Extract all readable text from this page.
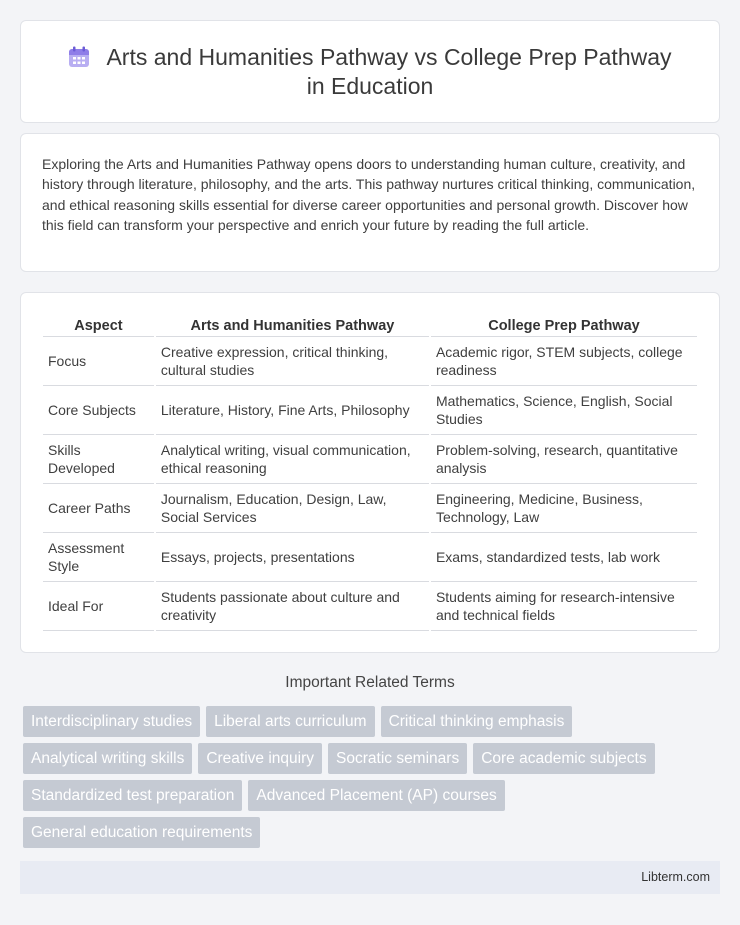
Arts and Humanities Pathway vs College Prep Pathway
in Education

Exploring the Arts and Humanities Pathway opens doors to understanding human culture, creativity, and history through literature, philosophy, and the arts. This pathway nurtures critical thinking, communication, and ethical reasoning skills essential for diverse career opportunities and personal growth. Discover how this field can transform your perspective and enrich your future by reading the full article.

Aspect	Arts and Humanities Pathway	College Prep Pathway
Focus	Creative expression, critical thinking, cultural studies	Academic rigor, STEM subjects, college readiness
Core Subjects	Literature, History, Fine Arts, Philosophy	Mathematics, Science, English, Social Studies
Skills Developed	Analytical writing, visual communication, ethical reasoning	Problem-solving, research, quantitative analysis
Career Paths	Journalism, Education, Design, Law, Social Services	Engineering, Medicine, Business, Technology, Law
Assessment Style	Essays, projects, presentations	Exams, standardized tests, lab work
Ideal For	Students passionate about culture and creativity	Students aiming for research-intensive and technical fields
Important Related Terms
Interdisciplinary studies	Liberal arts curriculum	Critical thinking emphasis
Analytical writing skills	Creative inquiry	Socratic seminars	Core academic subjects
Standardized test preparation	Advanced Placement (AP) courses
General education requirements
Libterm.com
